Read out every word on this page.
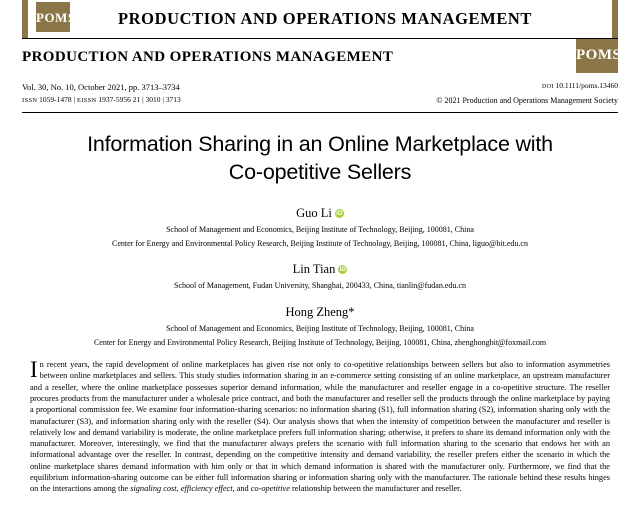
POMS	PRODUCTION AND OPERATIONS MANAGEMENT
PRODUCTION AND OPERATIONS MANAGEMENT	POMS
Vol. 30, No. 10, October 2021, pp. 3713–3734
ISSN 1059-1478 | EISSN 1937-5956 21 | 3010 | 3713
DOI 10.1111/poms.13460
© 2021 Production and Operations Management Society
Information Sharing in an Online Marketplace with
Co-opetitive Sellers
Guo Li iD
School of Management and Economics, Beijing Institute of Technology, Beijing, 100081, China
Center for Energy and Environmental Policy Research, Beijing Institute of Technology, Beijing, 100081, China, liguo@bit.edu.cn
Lin Tian iD
School of Management, Fudan University, Shanghai, 200433, China, tianlin@fudan.edu.cn
Hong Zheng*
School of Management and Economics, Beijing Institute of Technology, Beijing, 100081, China
Center for Energy and Environmental Policy Research, Beijing Institute of Technology, Beijing, 100081, China, zhenghongbit@foxmail.com
In recent years, the rapid development of online marketplaces has given rise not only to co-opetitive relationships between sellers but also to information asymmetries between online marketplaces and sellers. This study studies information sharing in an e-commerce setting consisting of an online marketplace, an upstream manufacturer and a reseller, where the online marketplace possesses superior demand information, while the manufacturer and reseller engage in a co-opetitive structure. The reseller procures products from the manufacturer under a wholesale price contract, and both the manufacturer and reseller sell the products through the online marketplace by paying a proportional commission fee. We examine four information-sharing scenarios: no information sharing (S1), full information sharing (S2), information sharing only with the manufacturer (S3), and information sharing only with the reseller (S4). Our analysis shows that when the intensity of competition between the manufacturer and reseller is relatively low and demand variability is moderate, the online marketplace prefers full information sharing; otherwise, it prefers to share its demand information only with the manufacturer. Moreover, interestingly, we find that the manufacturer always prefers the scenario with full information sharing to the scenario that endows her with an informational advantage over the reseller. In contrast, depending on the competitive intensity and demand variability, the reseller prefers either the scenario in which the online marketplace shares demand information with him only or that in which demand information is shared with the manufacturer only. Furthermore, we find that the equilibrium information-sharing outcome can be either full information sharing or information sharing only with the manufacturer. The rationale behind these results hinges on the interactions among the signaling cost, efficiency effect, and co-opetitive relationship between the manufacturer and reseller.
